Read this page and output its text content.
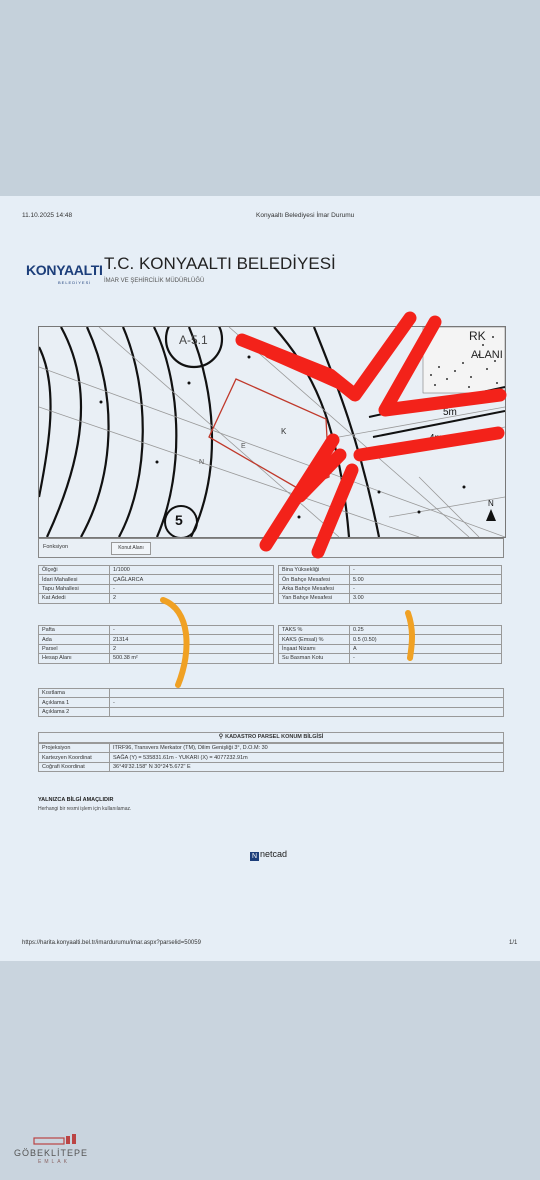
11.10.2025 14:48	Konyaaltı Belediyesi İmar Durumu
KONYAALTI
BELEDİYESİ
T.C. KONYAALTI BELEDİYESİ
İMAR VE ŞEHİRCİLİK MÜDÜRLÜĞÜ
A-5.1	RK
ALANI
5m
4m
K
N
E
5
N
Fonksiyon	Konut Alanı
Ölçeği	1/1000
İdari Mahallesi	ÇAĞLARCA
Tapu Mahallesi	-
Kat Adedi	2
Bina Yüksekliği	-
Ön Bahçe Mesafesi	5.00
Arka Bahçe Mesafesi	-
Yan Bahçe Mesafesi	3.00
Pafta	-
Ada	21314
Parsel	2
Hesap Alanı	500.38 m²
TAKS %	0.25
KAKS (Emsal) %	0.5 (0.50)
İnşaat Nizamı	A
Su Basman Kotu	-
Kısıtlama	
Açıklama 1	-
Açıklama 2	
⚲ KADASTRO PARSEL KONUM BİLGİSİ
Projeksiyon	ITRF96, Transvers Merkator (TM), Dilim Genişliği 3°, D.O.M: 30
Kartezyen Koordinat	SAĞA (Y) = 535831.61m - YUKARI (X) = 4077232.91m
Coğrafi Koordinat	36°49'32.158" N 30°24'5.672" E
YALNIZCA BİLGİ AMAÇLIDIR
Herhangi bir resmi işlem için kullanılamaz.
N netcad
https://harita.konyaalti.bel.tr/imardurumu/imar.aspx?parselid=50059	1/1
GÖBEKLİTEPE
EMLAK
